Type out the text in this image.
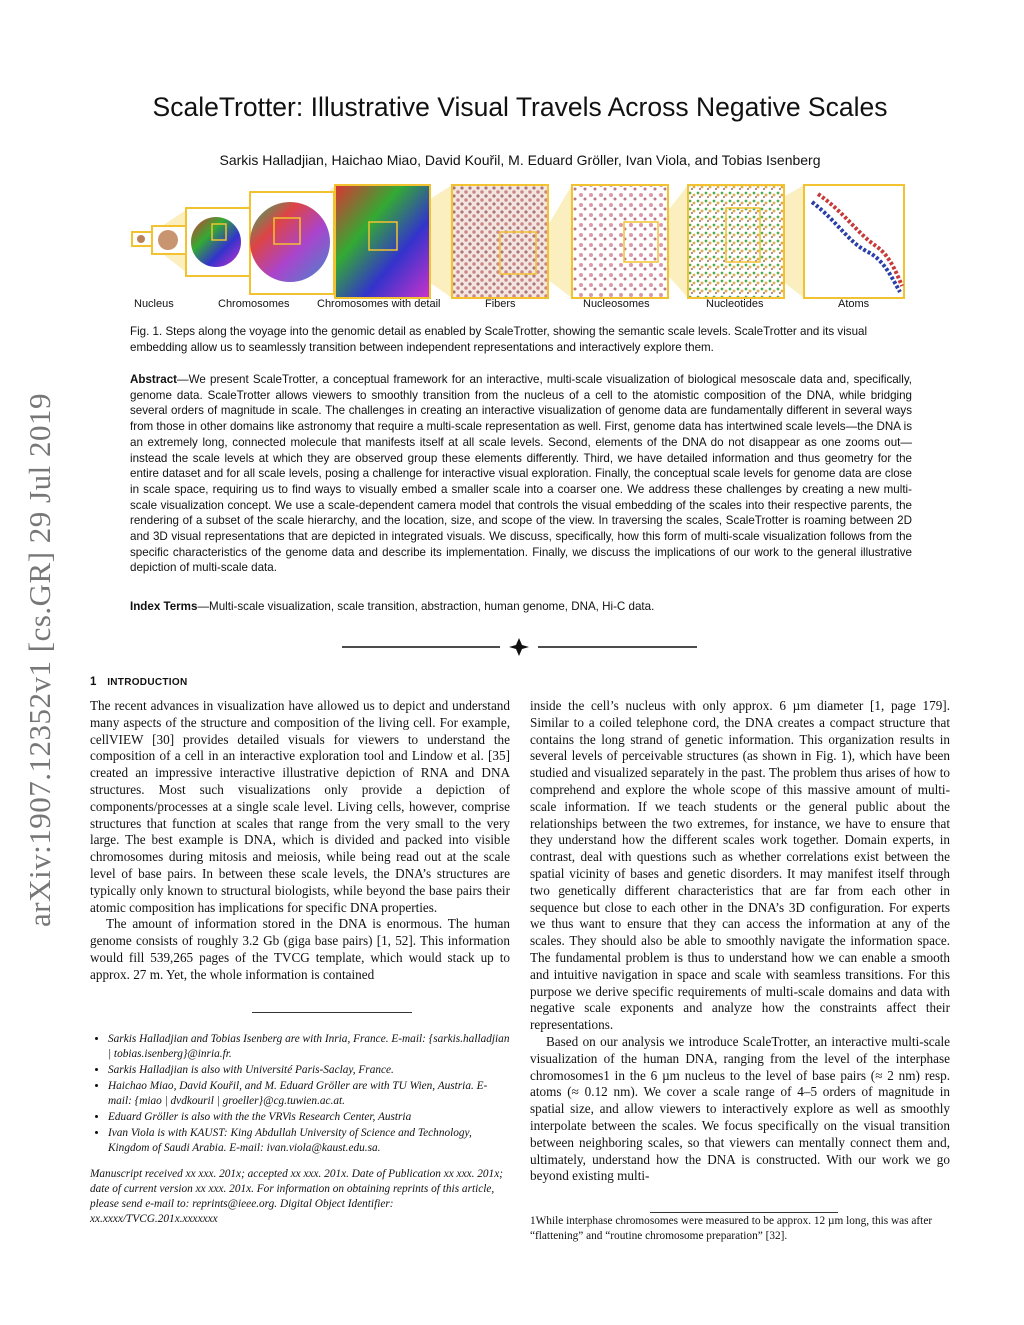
arXiv:1907.12352v1 [cs.GR] 29 Jul 2019
ScaleTrotter: Illustrative Visual Travels Across Negative Scales
Sarkis Halladjian, Haichao Miao, David Kouřil, M. Eduard Gröller, Ivan Viola, and Tobias Isenberg
Nucleus	Chromosomes Chromosomes with detail	Fibers	Nucleosomes	Nucleotides	Atoms
Fig. 1. Steps along the voyage into the genomic detail as enabled by ScaleTrotter, showing the semantic scale levels. ScaleTrotter and its visual embedding allow us to seamlessly transition between independent representations and interactively explore them.
Abstract—We present ScaleTrotter, a conceptual framework for an interactive, multi-scale visualization of biological mesoscale data and, specifically, genome data. ScaleTrotter allows viewers to smoothly transition from the nucleus of a cell to the atomistic composition of the DNA, while bridging several orders of magnitude in scale. The challenges in creating an interactive visualization of genome data are fundamentally different in several ways from those in other domains like astronomy that require a multi-scale representation as well. First, genome data has intertwined scale levels—the DNA is an extremely long, connected molecule that manifests itself at all scale levels. Second, elements of the DNA do not disappear as one zooms out—instead the scale levels at which they are observed group these elements differently. Third, we have detailed information and thus geometry for the entire dataset and for all scale levels, posing a challenge for interactive visual exploration. Finally, the conceptual scale levels for genome data are close in scale space, requiring us to find ways to visually embed a smaller scale into a coarser one. We address these challenges by creating a new multi-scale visualization concept. We use a scale-dependent camera model that controls the visual embedding of the scales into their respective parents, the rendering of a subset of the scale hierarchy, and the location, size, and scope of the view. In traversing the scales, ScaleTrotter is roaming between 2D and 3D visual representations that are depicted in integrated visuals. We discuss, specifically, how this form of multi-scale visualization follows from the specific characteristics of the genome data and describe its implementation. Finally, we discuss the implications of our work to the general illustrative depiction of multi-scale data.
Index Terms—Multi-scale visualization, scale transition, abstraction, human genome, DNA, Hi-C data.
1 INTRODUCTION

The recent advances in visualization have allowed us to depict and understand many aspects of the structure and composition of the living cell. For example, cellVIEW [30] provides detailed visuals for viewers to understand the composition of a cell in an interactive exploration tool and Lindow et al. [35] created an impressive interactive illustrative depiction of RNA and DNA structures. Most such visualizations only provide a depiction of components/processes at a single scale level. Living cells, however, comprise structures that function at scales that range from the very small to the very large. The best example is DNA, which is divided and packed into visible chromosomes during mitosis and meiosis, while being read out at the scale level of base pairs. In between these scale levels, the DNA’s structures are typically only known to structural biologists, while beyond the base pairs their atomic composition has implications for specific DNA properties.

The amount of information stored in the DNA is enormous. The human genome consists of roughly 3.2 Gb (giga base pairs) [1, 52]. This information would fill 539,265 pages of the TVCG template, which would stack up to approx. 27 m. Yet, the whole information is contained

• Sarkis Halladjian and Tobias Isenberg are with Inria, France. E-mail: {sarkis.halladjian | tobias.isenberg}@inria.fr.
• Sarkis Halladjian is also with Université Paris-Saclay, France.
• Haichao Miao, David Kouřil, and M. Eduard Gröller are with TU Wien, Austria. E-mail: {miao | dvdkouril | groeller}@cg.tuwien.ac.at.
• Eduard Gröller is also with the the VRVis Research Center, Austria
• Ivan Viola is with KAUST: King Abdullah University of Science and Technology, Kingdom of Saudi Arabia. E-mail: ivan.viola@kaust.edu.sa.
Manuscript received xx xxx. 201x; accepted xx xxx. 201x. Date of Publication xx xxx. 201x; date of current version xx xxx. 201x. For information on obtaining reprints of this article, please send e-mail to: reprints@ieee.org. Digital Object Identifier: xx.xxxx/TVCG.201x.xxxxxxx

inside the cell’s nucleus with only approx. 6 µm diameter [1, page 179]. Similar to a coiled telephone cord, the DNA creates a compact structure that contains the long strand of genetic information. This organization results in several levels of perceivable structures (as shown in Fig. 1), which have been studied and visualized separately in the past. The problem thus arises of how to comprehend and explore the whole scope of this massive amount of multi-scale information. If we teach students or the general public about the relationships between the two extremes, for instance, we have to ensure that they understand how the different scales work together. Domain experts, in contrast, deal with questions such as whether correlations exist between the spatial vicinity of bases and genetic disorders. It may manifest itself through two genetically different characteristics that are far from each other in sequence but close to each other in the DNA’s 3D configuration. For experts we thus want to ensure that they can access the information at any of the scales. They should also be able to smoothly navigate the information space. The fundamental problem is thus to understand how we can enable a smooth and intuitive navigation in space and scale with seamless transitions. For this purpose we derive specific requirements of multi-scale domains and data with negative scale exponents and analyze how the constraints affect their representations.

Based on our analysis we introduce ScaleTrotter, an interactive multi-scale visualization of the human DNA, ranging from the level of the interphase chromosomes1 in the 6 µm nucleus to the level of base pairs (≈ 2 nm) resp. atoms (≈ 0.12 nm). We cover a scale range of 4–5 orders of magnitude in spatial size, and allow viewers to interactively explore as well as smoothly interpolate between the scales. We focus specifically on the visual transition between neighboring scales, so that viewers can mentally connect them and, ultimately, understand how the DNA is constructed. With our work we go beyond existing multi-

1While interphase chromosomes were measured to be approx. 12 µm long, this was after “flattening” and “routine chromosome preparation” [32].
